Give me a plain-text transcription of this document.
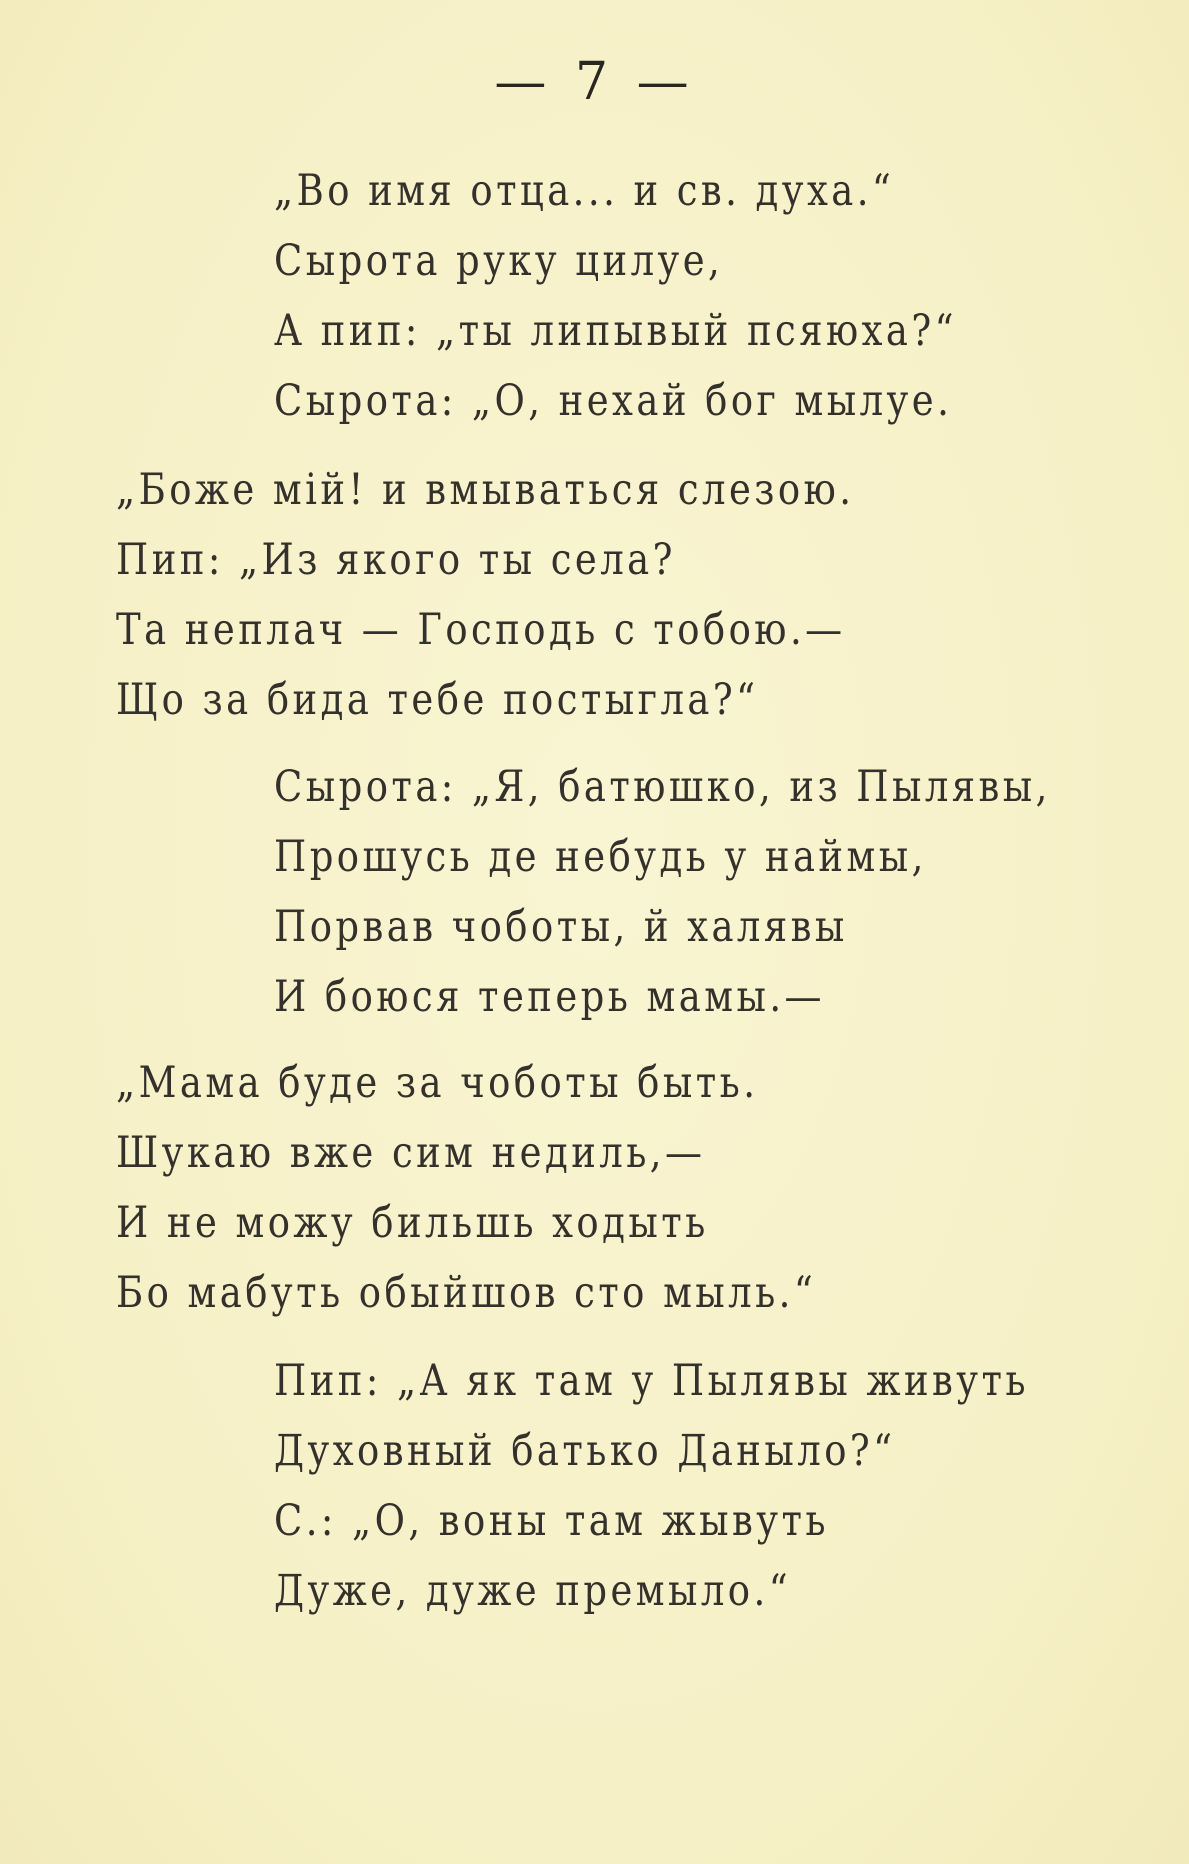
— 7 —
„Во имя отца... и св. духа.“
Сырота руку цилуе,
А пип: „ты липывый псяюха?“
Сырота: „О, нехай бог мылуе.
„Боже мій! и вмываться слезою.
Пип: „Из якого ты села?
Та неплач — Господь с тобою.—
Що за бида тебе постыгла?“
Сырота: „Я, батюшко, из Пылявы,
Прошусь де небудь у наймы,
Порвав чоботы, й халявы
И боюся теперь мамы.—
„Мама буде за чоботы быть.
Шукаю вже сим недиль,—
И не можу бильшь ходыть
Бо мабуть обыйшов сто мыль.“
Пип: „А як там у Пылявы живуть
Духовный батько Данылo?“
С.: „О, воны там жывуть
Дуже, дуже премыло.“
